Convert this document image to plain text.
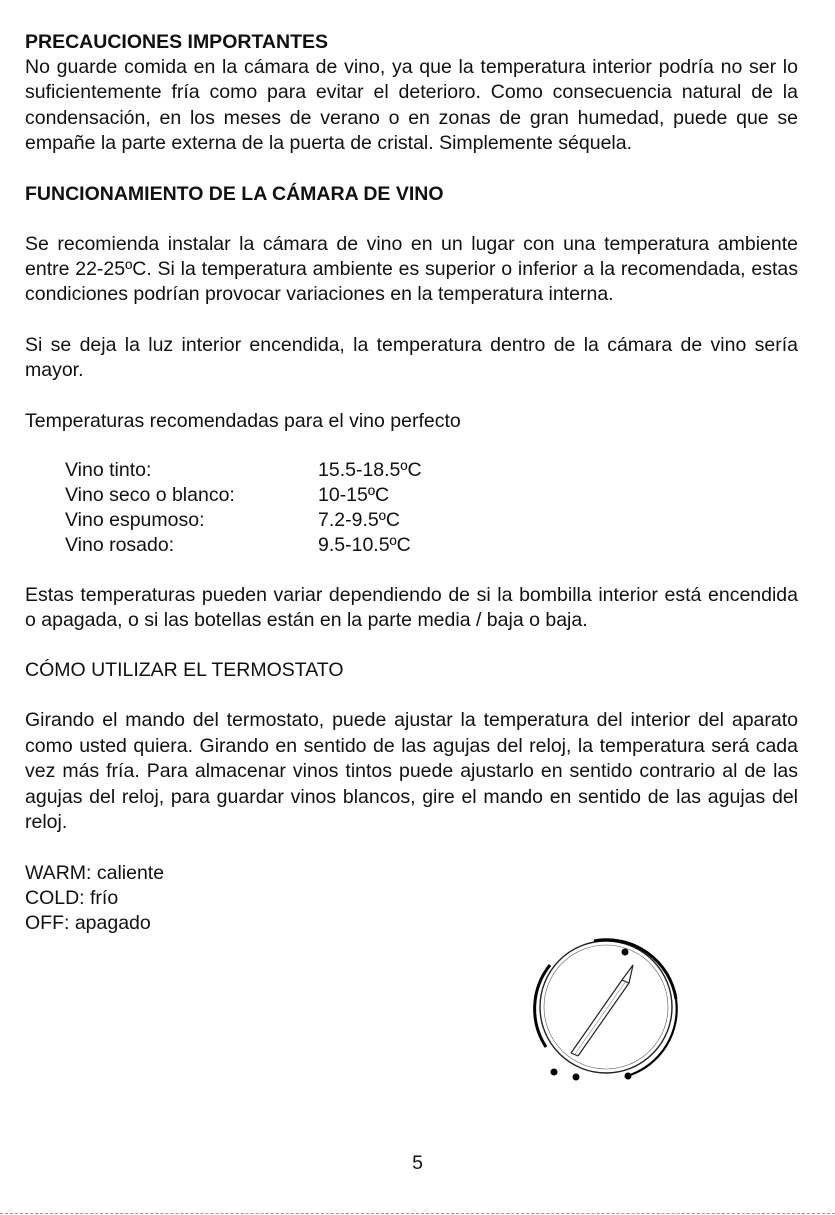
PRECAUCIONES IMPORTANTES

No guarde comida en la cámara de vino, ya que la temperatura interior podría no ser lo suficientemente fría como para evitar el deterioro. Como consecuencia natural de la condensación, en los meses de verano o en zonas de gran humedad, puede que se empañe la parte externa de la puerta de cristal. Simplemente séquela.

FUNCIONAMIENTO DE LA CÁMARA DE VINO

Se recomienda instalar la cámara de vino en un lugar con una temperatura ambiente entre 22-25ºC. Si la temperatura ambiente es superior o inferior a la recomendada, estas condiciones podrían provocar variaciones en la temperatura interna.

Si se deja la luz interior encendida, la temperatura dentro de la cámara de vino sería mayor.

Temperaturas recomendadas para el vino perfecto
Vino tinto:	15.5-18.5ºC
Vino seco o blanco:	10-15ºC
Vino espumoso:	7.2-9.5ºC
Vino rosado:	9.5-10.5ºC

Estas temperaturas pueden variar dependiendo de si la bombilla interior está encendida o apagada, o si las botellas están en la parte media / baja o baja.

CÓMO UTILIZAR EL TERMOSTATO

Girando el mando del termostato, puede ajustar la temperatura del interior del aparato como usted quiera. Girando en sentido de las agujas del reloj, la temperatura será cada vez más fría. Para almacenar vinos tintos puede ajustarlo en sentido contrario al de las agujas del reloj, para guardar vinos blancos, gire el mando en sentido de las agujas del reloj.

WARM: caliente
COLD: frío
OFF: apagado
5
